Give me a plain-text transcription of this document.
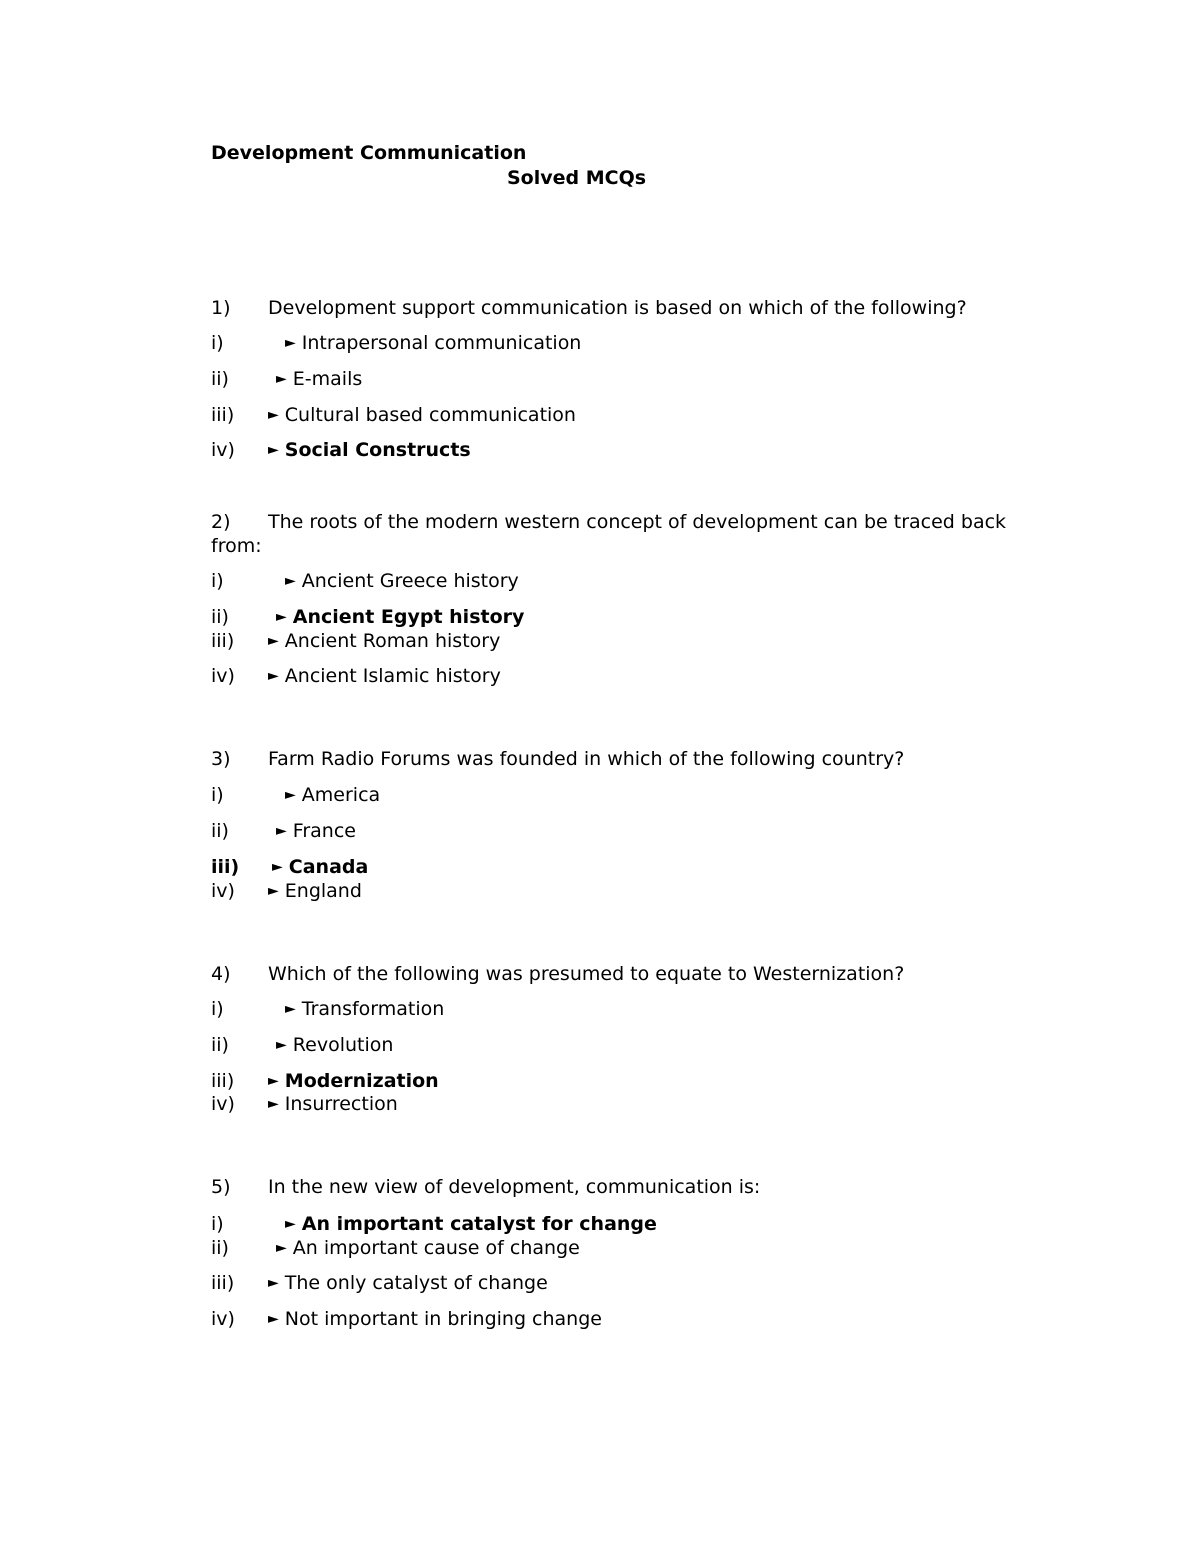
Development Communication
Solved MCQs
1) Development support communication is based on which of the following?
i)	► Intrapersonal communication
ii)	► E-mails
iii) ► Cultural based communication
iv) ► Social Constructs
2)	The roots of the modern western concept of development can be traced back from:
i)	► Ancient Greece history
ii)	► Ancient Egypt history
iii) ► Ancient Roman history
iv) ► Ancient Islamic history
3) Farm Radio Forums was founded in which of the following country?
i)	► America
ii)	► France
iii) ► Canada
iv) ► England
4) Which of the following was presumed to equate to Westernization?
i)	► Transformation
ii)	► Revolution
iii) ► Modernization
iv) ► Insurrection
5) In the new view of development, communication is:
i)	► An important catalyst for change
ii)	► An important cause of change
iii) ► The only catalyst of change
iv) ► Not important in bringing change
